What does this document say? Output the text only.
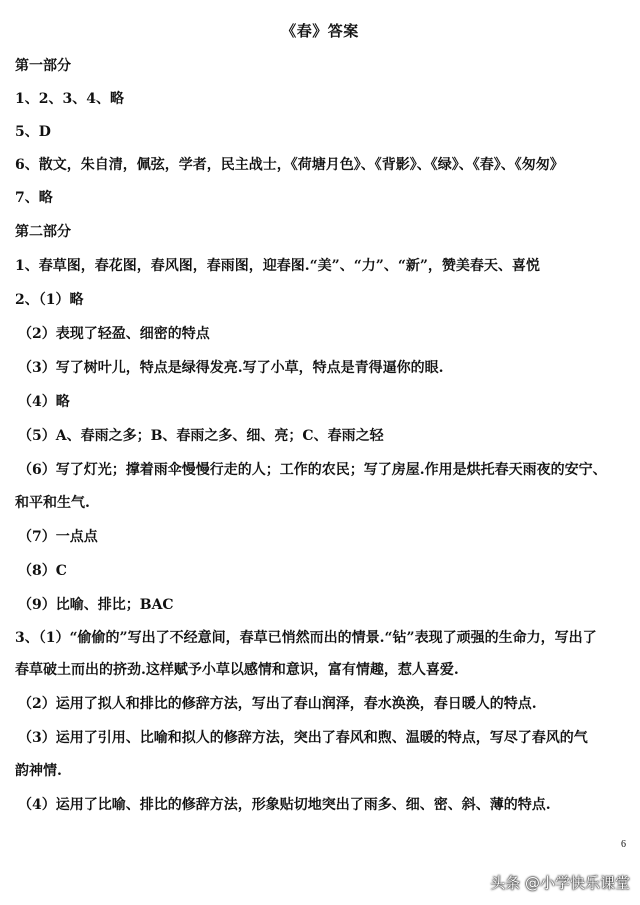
《春》答案
第一部分
1、2、3、4、略
5、D
6、散文，朱自清，佩弦，学者，民主战士，《荷塘月色》、《背影》、《绿》、《春》、《匆匆》
7、略
第二部分
1、春草图，春花图，春风图，春雨图，迎春图.“美”、“力”、“新”，赞美春天、喜悦
2、（1）略
（2）表现了轻盈、细密的特点
（3）写了树叶儿，特点是绿得发亮.写了小草，特点是青得逼你的眼.
（4）略
（5）A、春雨之多；B、春雨之多、细、亮；C、春雨之轻
（6）写了灯光；撑着雨伞慢慢行走的人；工作的农民；写了房屋.作用是烘托春天雨夜的安宁、
和平和生气.
（7）一点点
（8）C
（9）比喻、排比；BAC
3、（1）“偷偷的”写出了不经意间，春草已悄然而出的情景.“钻”表现了顽强的生命力，写出了
春草破土而出的挤劲.这样赋予小草以感情和意识，富有情趣，惹人喜爱.
（2）运用了拟人和排比的修辞方法，写出了春山润泽，春水涣涣，春日暖人的特点.
（3）运用了引用、比喻和拟人的修辞方法，突出了春风和煦、温暖的特点，写尽了春风的气
韵神情.
（4）运用了比喻、排比的修辞方法，形象贴切地突出了雨多、细、密、斜、薄的特点.
6
头条 @小学快乐课堂
